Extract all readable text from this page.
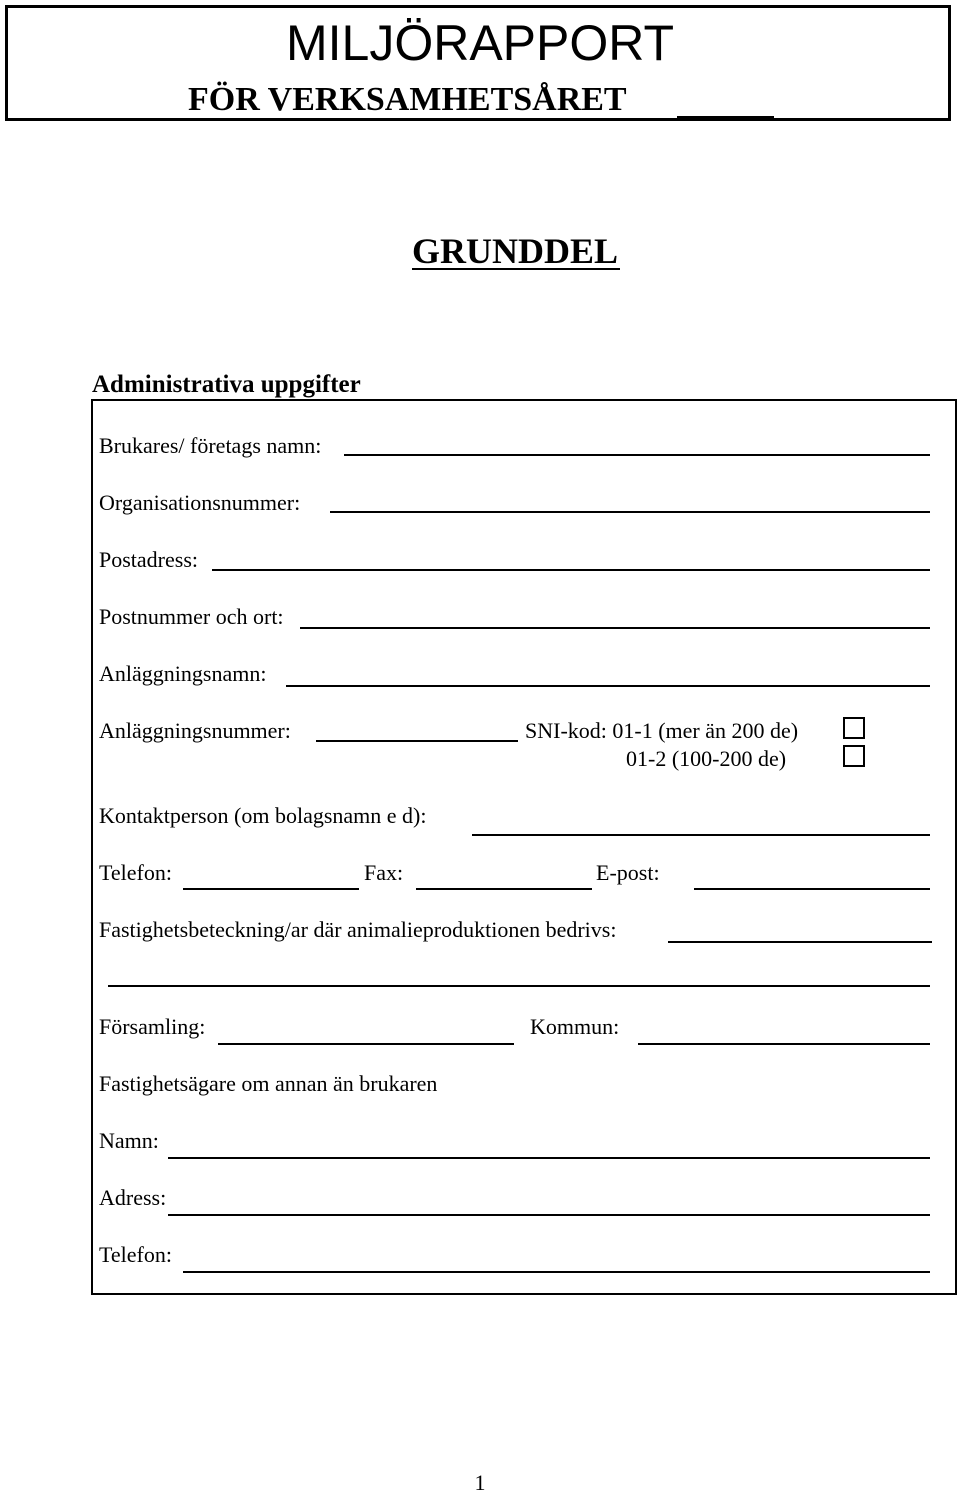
MILJÖRAPPORT
FÖR VERKSAMHETSÅRET
GRUNDDEL
Administrativa uppgifter
Brukares/ företags namn:
Organisationsnummer:
Postadress:
Postnummer och ort:
Anläggningsnamn:
Anläggningsnummer:	SNI-kod: 01-1 (mer än 200 de)
01-2 (100-200 de)
Kontaktperson (om bolagsnamn e d):
Telefon:	Fax:	E-post:
Fastighetsbeteckning/ar där animalieproduktionen bedrivs:
Församling:	Kommun:
Fastighetsägare om annan än brukaren
Namn:
Adress:
Telefon:
1
